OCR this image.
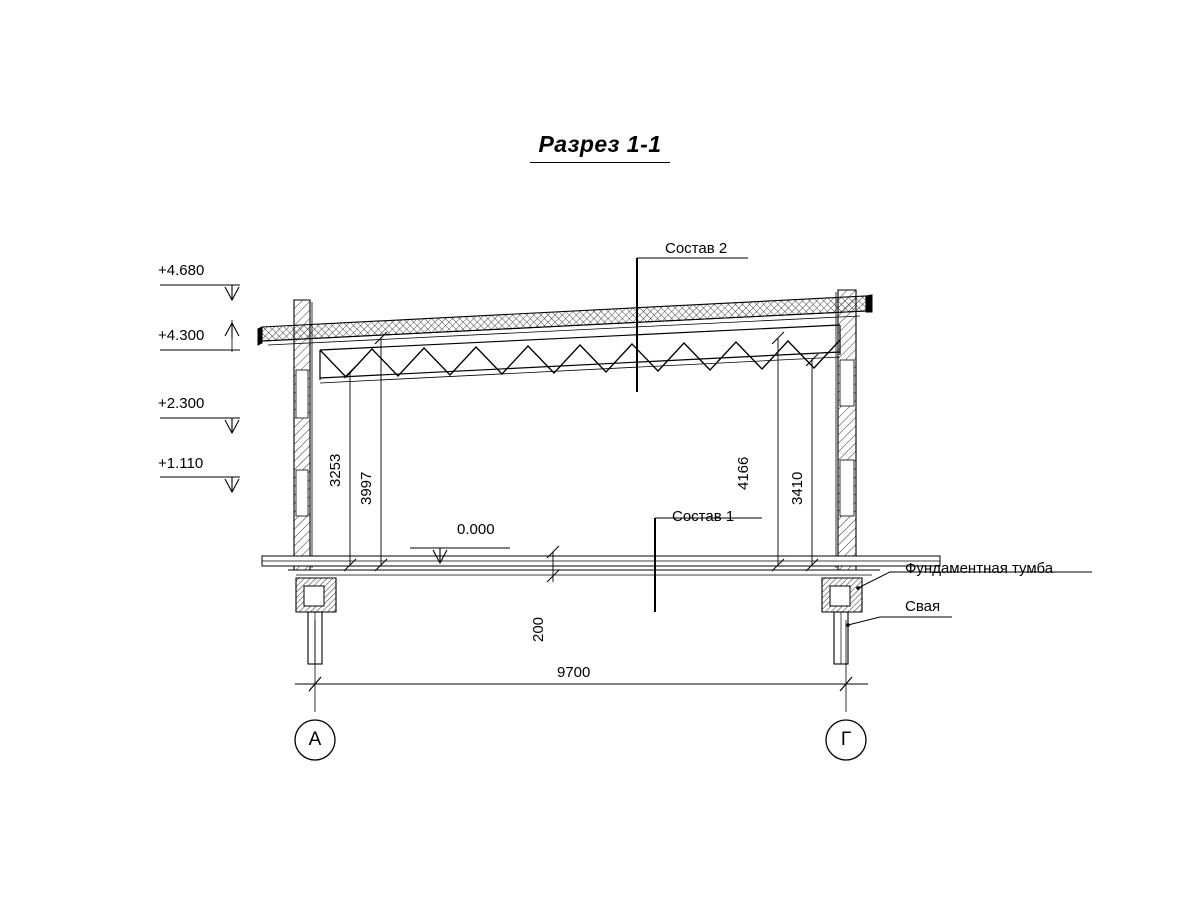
Разрез 1-1
+4.680
+4.300
+2.300
+1.110
0.000
3253
3997	4166 3410
200
Состав 2
Состав 1
Фундаментная тумба
Свая
9700
А	Г
